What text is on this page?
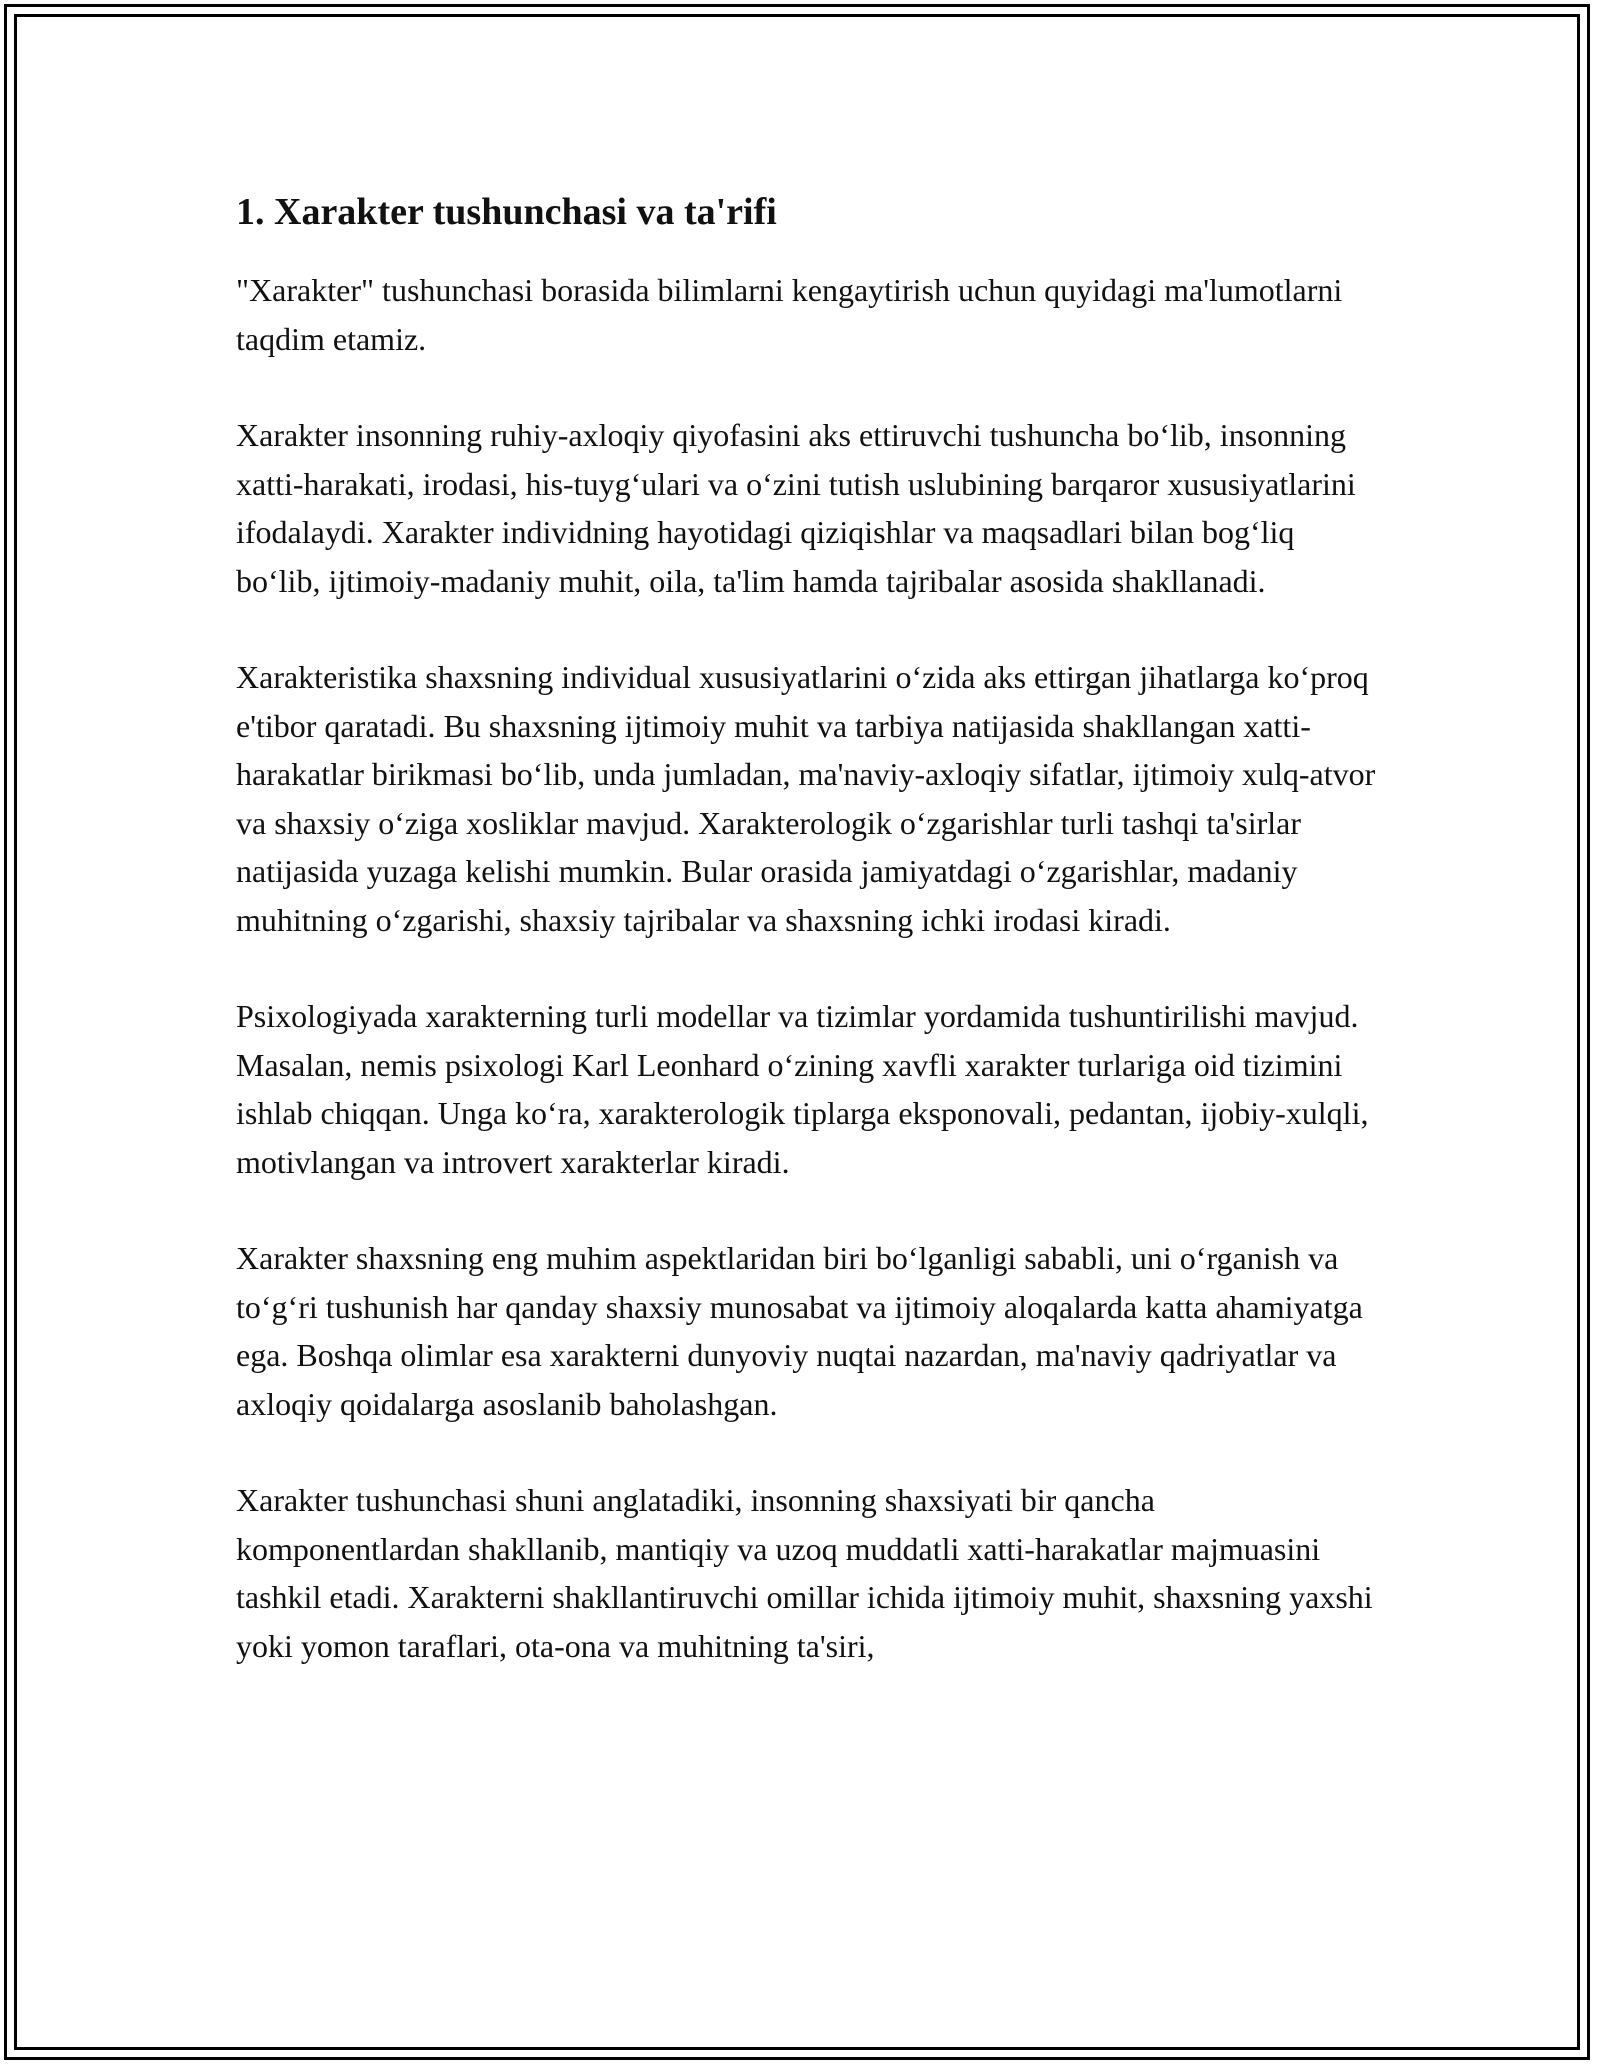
1. Xarakter tushunchasi va ta'rifi

"Xarakter" tushunchasi borasida bilimlarni kengaytirish uchun quyidagi ma'lumotlarni taqdim etamiz.

Xarakter insonning ruhiy-axloqiy qiyofasini aks ettiruvchi tushuncha bo‘lib, insonning xatti-harakati, irodasi, his-tuyg‘ulari va o‘zini tutish uslubining barqaror xususiyatlarini ifodalaydi. Xarakter individning hayotidagi qiziqishlar va maqsadlari bilan bog‘liq bo‘lib, ijtimoiy-madaniy muhit, oila, ta'lim hamda tajribalar asosida shakllanadi.

Xarakteristika shaxsning individual xususiyatlarini o‘zida aks ettirgan jihatlarga ko‘proq e'tibor qaratadi. Bu shaxsning ijtimoiy muhit va tarbiya natijasida shakllangan xatti-harakatlar birikmasi bo‘lib, unda jumladan, ma'naviy-axloqiy sifatlar, ijtimoiy xulq-atvor va shaxsiy o‘ziga xosliklar mavjud. Xarakterologik o‘zgarishlar turli tashqi ta'sirlar natijasida yuzaga kelishi mumkin. Bular orasida jamiyatdagi o‘zgarishlar, madaniy muhitning o‘zgarishi, shaxsiy tajribalar va shaxsning ichki irodasi kiradi.

Psixologiyada xarakterning turli modellar va tizimlar yordamida tushuntirilishi mavjud. Masalan, nemis psixologi Karl Leonhard o‘zining xavfli xarakter turlariga oid tizimini ishlab chiqqan. Unga ko‘ra, xarakterologik tiplarga eksponovali, pedantan, ijobiy-xulqli, motivlangan va introvert xarakterlar kiradi.

Xarakter shaxsning eng muhim aspektlaridan biri bo‘lganligi sababli, uni o‘rganish va to‘g‘ri tushunish har qanday shaxsiy munosabat va ijtimoiy aloqalarda katta ahamiyatga ega. Boshqa olimlar esa xarakterni dunyoviy nuqtai nazardan, ma'naviy qadriyatlar va axloqiy qoidalarga asoslanib baholashgan.

Xarakter tushunchasi shuni anglatadiki, insonning shaxsiyati bir qancha komponentlardan shakllanib, mantiqiy va uzoq muddatli xatti-harakatlar majmuasini tashkil etadi. Xarakterni shakllantiruvchi omillar ichida ijtimoiy muhit, shaxsning yaxshi yoki yomon taraflari, ota-ona va muhitning ta'siri,
